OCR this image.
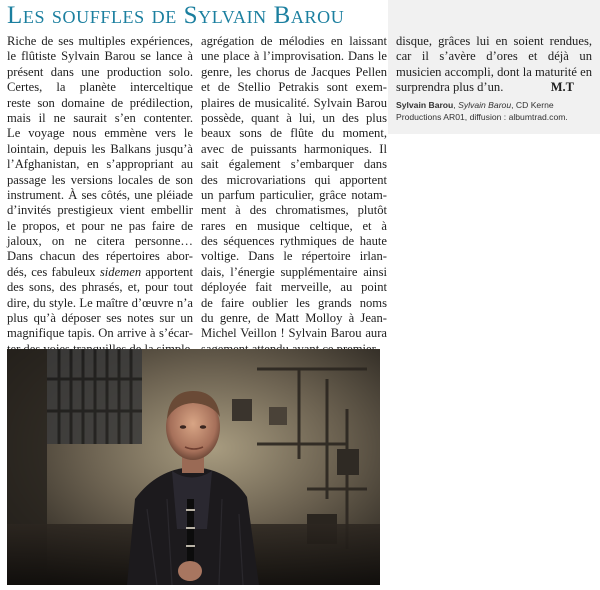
Les souffles de Sylvain Barou
disque, grâces lui en soient rendues, car il s’avère d’ores et déjà un musicien accompli, dont la maturité en surprendra plus d’un.	M.T
Sylvain Barou, Sylvain Barou, CD Kerne Productions AR01, diffusion : albumtrad.com.
Riche de ses multiples expériences,
le flûtiste Sylvain Barou se lance à
présent dans une production solo.
Certes, la planète interceltique
reste son domaine de prédilection,
mais il ne saurait s’en contenter.
Le voyage nous emmène vers le
lointain, depuis les Balkans jusqu’à
l’Afghanistan, en s’appropriant au
passage les versions locales de son
instrument. À ses côtés, une pléiade
d’invités prestigieux vient embellir
le propos, et pour ne pas faire de
jaloux, on ne citera personne…
Dans chacun des répertoires abor-
dés, ces fabuleux sidemen apportent
des sons, des phrasés, et, pour tout
dire, du style. Le maître d’œuvre n’a
plus qu’à déposer ses notes sur un
magnifique tapis. On arrive à s’écar-
agrégation de mélodies en laissant
une place à l’improvisation. Dans le
genre, les chorus de Jacques Pellen
et de Stellio Petrakis sont exem-
plaires de musicalité. Sylvain Barou
possède, quant à lui, un des plus
beaux sons de flûte du moment,
avec de puissants harmoniques. Il
sait également s’embarquer dans
des microvariations qui apportent
un parfum particulier, grâce notam-
ment à des chromatismes, plutôt
rares en musique celtique, et à
des séquences rythmiques de haute
voltige. Dans le répertoire irlan-
dais, l’énergie supplémentaire ainsi
déployée fait merveille, au point
de faire oublier les grands noms
du genre, de Matt Molloy à Jean-
Michel Veillon ! Sylvain Barou aura
